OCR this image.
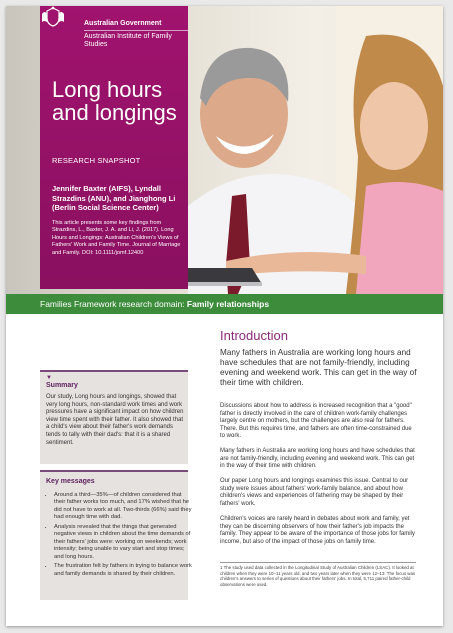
Australian Government
Australian Institute of Family Studies
Long hours and longings
RESEARCH SNAPSHOT
Jennifer Baxter (AIFS), Lyndall Strazdins (ANU), and Jianghong Li (Berlin Social Science Center)
This article presents some key findings from Strazdins, L., Baxter, J. A. and Li, J. (2017). Long Hours and Longings: Australian Children's Views of Fathers' Work and Family Time. Journal of Marriage and Family. DOI: 10.1111/jomf.12400
Families Framework research domain: Family relationships
▼
Summary

Our study, Long hours and longings, showed that very long hours, non-standard work times and work pressures have a significant impact on how children view time spent with their father. It also showed that a child's view about their father's work demands tends to tally with their dad's: that it is a shared sentiment.

Key messages
• Around a third—35%—of children considered that their father works too much, and 17% wished that he did not have to work at all. Two-thirds (66%) said they had enough time with dad.
• Analysis revealed that the things that generated negative views in children about the time demands of their fathers' jobs were: working on weekends; work intensity; being unable to vary start and stop times; and long hours.
• The frustration felt by fathers in trying to balance work and family demands is shared by their children.
Introduction

Many fathers in Australia are working long hours and have schedules that are not family-friendly, including evening and weekend work. This can get in the way of their time with children.

Discussions about how to address is increased recognition that a "good" father is directly involved in the care of children work-family challenges largely centre on mothers, but the challenges are also real for fathers. There. But this requires time, and fathers are often time-constrained due to work.

Many fathers in Australia are working long hours and have schedules that are not family-friendly, including evening and weekend work. This can get in the way of their time with children.

Our paper Long hours and longings examines this issue. Central to our study were issues about fathers' work-family balance, and about how children's views and experiences of fathering may be shaped by their fathers' work.

Children's voices are rarely heard in debates about work and family, yet they can be discerning observers of how their father's job impacts the family. They appear to be aware of the importance of those jobs for family income, but also of the impact of those jobs on family time.

1 The study used data collected in the Longitudinal Study of Australian Children (LSAC). It looked at children when they were 10–11 years old, and two years later when they were 12–13. The focus was children's answers to series of questions about their fathers' jobs. In total, 5,711 paired father-child observations were used.
